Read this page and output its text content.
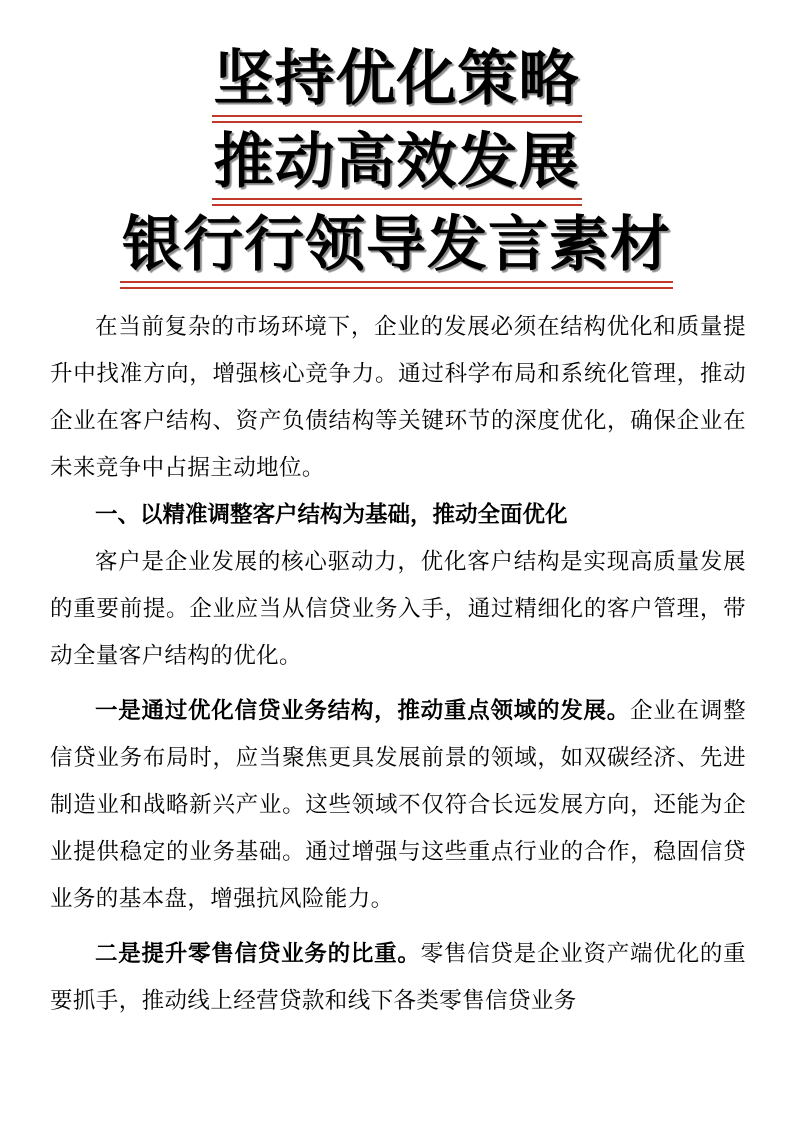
坚持优化策略
推动高效发展
银行行领导发言素材

在当前复杂的市场环境下，企业的发展必须在结构优化和质量提升中找准方向，增强核心竞争力。通过科学布局和系统化管理，推动企业在客户结构、资产负债结构等关键环节的深度优化，确保企业在未来竞争中占据主动地位。

一、以精准调整客户结构为基础，推动全面优化

客户是企业发展的核心驱动力，优化客户结构是实现高质量发展的重要前提。企业应当从信贷业务入手，通过精细化的客户管理，带动全量客户结构的优化。

一是通过优化信贷业务结构，推动重点领域的发展。企业在调整信贷业务布局时，应当聚焦更具发展前景的领域，如双碳经济、先进制造业和战略新兴产业。这些领域不仅符合长远发展方向，还能为企业提供稳定的业务基础。通过增强与这些重点行业的合作，稳固信贷业务的基本盘，增强抗风险能力。

二是提升零售信贷业务的比重。零售信贷是企业资产端优化的重要抓手，推动线上经营贷款和线下各类零售信贷业务
